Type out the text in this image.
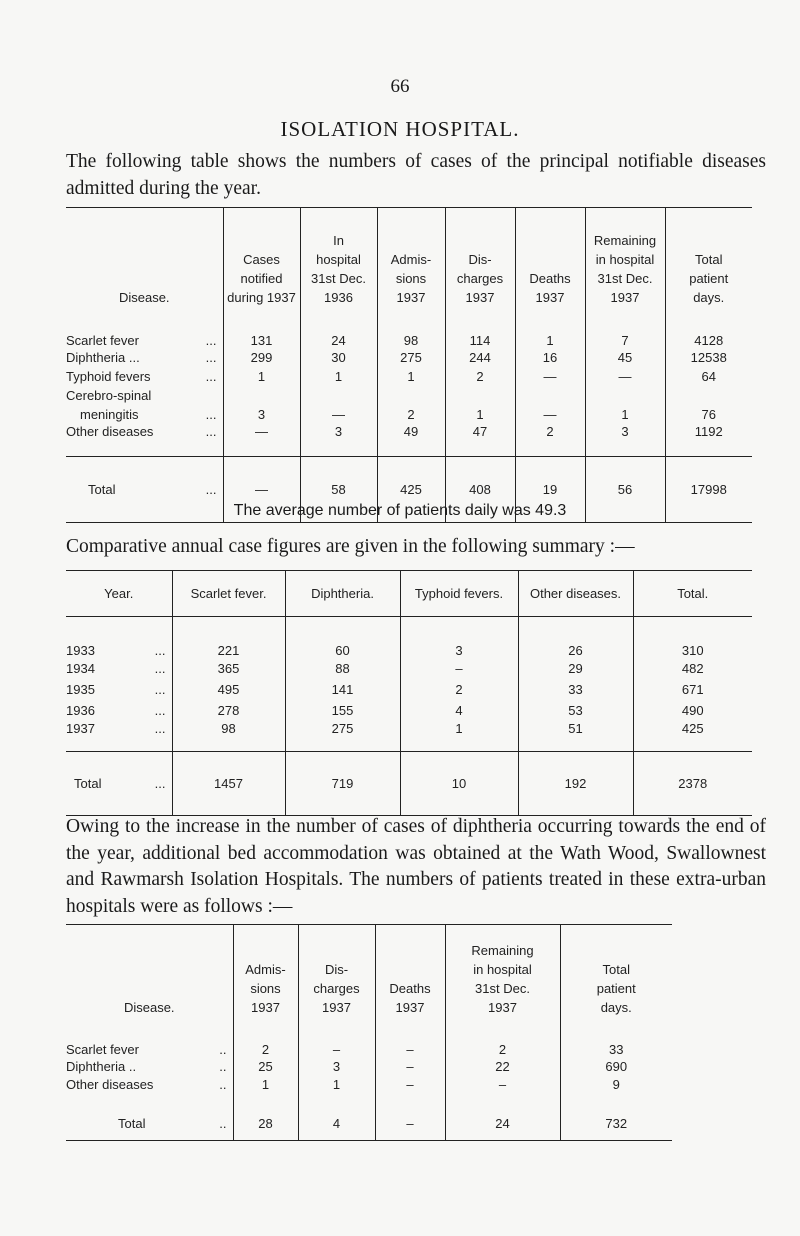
66
ISOLATION HOSPITAL.
The following table shows the numbers of cases of the principal notifiable diseases admitted during the year.
Disease.	Cases
notified
during 1937	In
hospital
31st Dec.
1936	Admis-
sions
1937	Dis-
charges
1937	Deaths
1937	Remaining
in hospital
31st Dec.
1937	Total
patient
days.
Scarlet fever ...	131	24	98	114	1	7	4128
Diphtheria ... ...	299	30	275	244	16	45	12538
Typhoid fevers ...	1	1	1	2	—	—	64
Cerebro-spinal

meningitis ...	3	—	2	1	—	1	76
Other diseases ...	—	3	49	47	2	3	1192
Total ...	—	58	425	408	19	56	17998
The average number of patients daily was 49.3
Comparative annual case figures are given in the following summary :—
Year.	Scarlet fever.	Diphtheria.	Typhoid fevers.	Other diseases.	Total.

1933 ...	221	60	3	26	310
1934 ...	365	88	–	29	482
1935 ...	495	141	2	33	671
1936 ...	278	155	4	53	490
1937 ...	98	275	1	51	425
Total ...	1457	719	10	192	2378
Owing to the increase in the number of cases of diphtheria occurring towards the end of the year, additional bed accommodation was obtained at the Wath Wood, Swallownest and Rawmarsh Isolation Hospitals. The numbers of patients treated in these extra-urban hospitals were as follows :—
Disease.	Admis-
sions
1937	Dis-
charges
1937	Deaths
1937	Remaining
in hospital
31st Dec.
1937	Total
patient
days.
Scarlet fever ..	2	–	–	2	33
Diphtheria .. ..	25	3	–	22	690
Other diseases ..	1	1	–	–	9
Total ..	28	4	–	24	732
